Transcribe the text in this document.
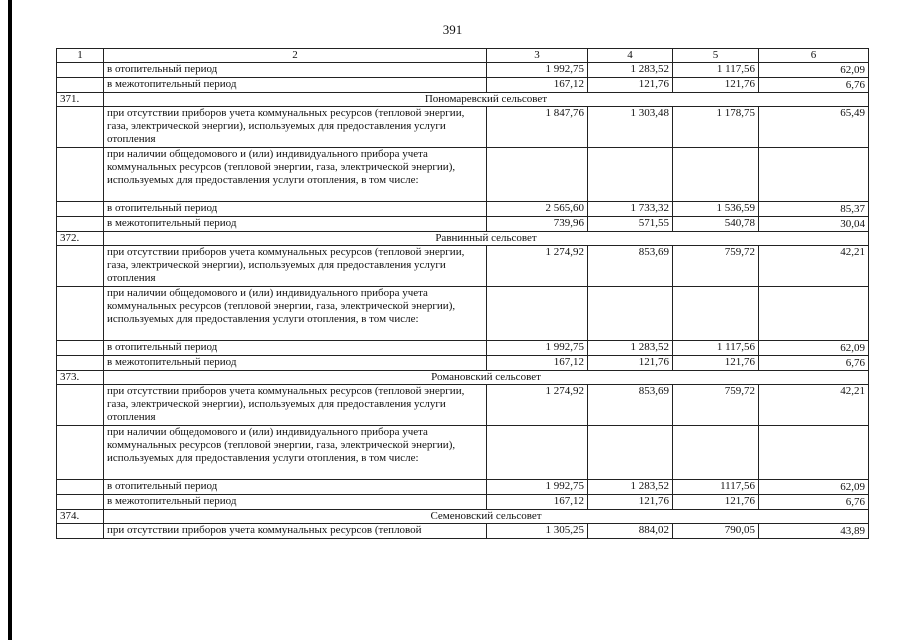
391
1	2	3	4	5	6
	в отопительный период	1 992,75	1 283,52	1 117,56	62,09
	в межотопительный период	167,12	121,76	121,76	6,76
371.	Пономаревский сельсовет				
	при отсутствии приборов учета коммунальных ресурсов (тепловой энергии, газа, электрической энергии), используемых для предоставления услуги отопления	1 847,76	1 303,48	1 178,75	65,49
	при наличии общедомового и (или) индивидуального прибора учета коммунальных ресурсов (тепловой энергии, газа, электрической энергии), используемых для предоставления услуги отопления, в том числе:				
	в отопительный период	2 565,60	1 733,32	1 536,59	85,37
	в межотопительный период	739,96	571,55	540,78	30,04
372.	Равнинный сельсовет				
	при отсутствии приборов учета коммунальных ресурсов (тепловой энергии, газа, электрической энергии), используемых для предоставления услуги отопления	1 274,92	853,69	759,72	42,21
	при наличии общедомового и (или) индивидуального прибора учета коммунальных ресурсов (тепловой энергии, газа, электрической энергии), используемых для предоставления услуги отопления, в том числе:				
	в отопительный период	1 992,75	1 283,52	1 117,56	62,09
	в межотопительный период	167,12	121,76	121,76	6,76
373.	Романовский сельсовет				
	при отсутствии приборов учета коммунальных ресурсов (тепловой энергии, газа, электрической энергии), используемых для предоставления услуги отопления	1 274,92	853,69	759,72	42,21
	при наличии общедомового и (или) индивидуального прибора учета коммунальных ресурсов (тепловой энергии, газа, электрической энергии), используемых для предоставления услуги отопления, в том числе:				
	в отопительный период	1 992,75	1 283,52	1117,56	62,09
	в межотопительный период	167,12	121,76	121,76	6,76
374.	Семеновский сельсовет				
	при отсутствии приборов учета коммунальных ресурсов (тепловой	1 305,25	884,02	790,05	43,89
